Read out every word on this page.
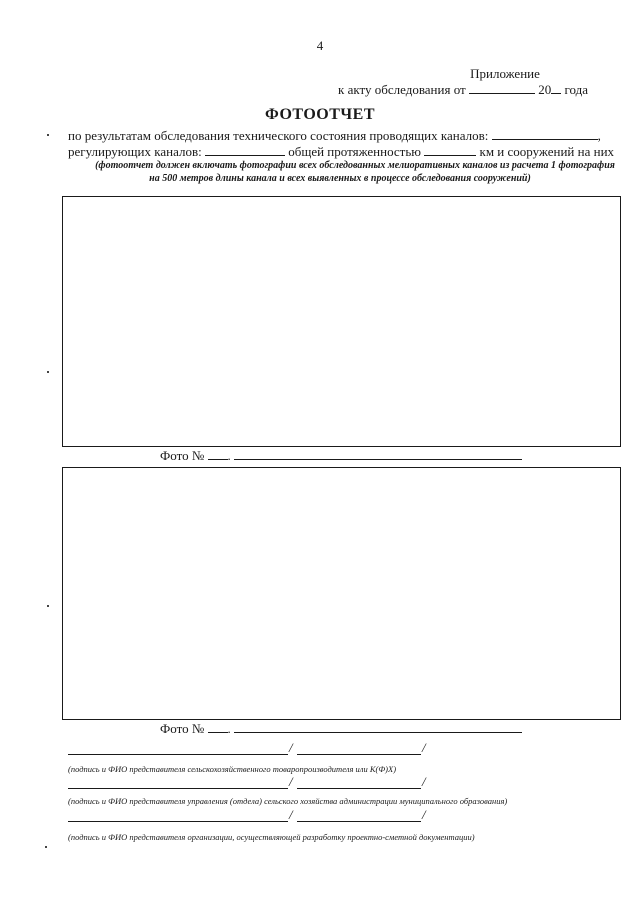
4
Приложение
к акту обследования от	20 года
ФОТООТЧЕТ
по результатам обследования технического состояния проводящих каналов:	,
регулирующих каналов:	общей протяженностью	км и сооружений на них
(фотоотчет должен включать фотографии всех обследованных мелиоративных каналов из расчета 1 фотография
на 500 метров длины канала и всех выявленных в процессе обследования сооружений)
Фото № .
Фото № .
/	/
(подпись и ФИО представителя сельскохозяйственного товаропроизводителя или К(Ф)Х)
/	/
(подпись и ФИО представителя управления (отдела) сельского хозяйства администрации муниципального образования)
/	/
(подпись и ФИО представителя организации, осуществляющей разработку проектно-сметной документации)
